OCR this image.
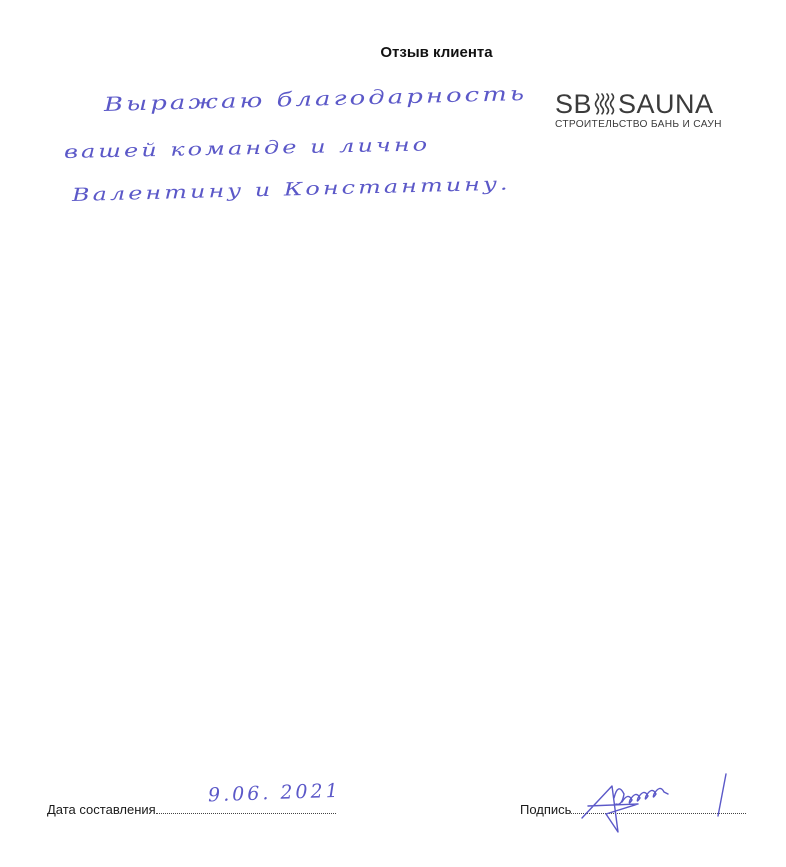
Отзыв клиента
SB SAUNA
СТРОИТЕЛЬСТВО БАНЬ И САУН
Выражаю благодарность
вашей команде и лично
Валентину и Константину.
Дата составления
9.06. 2021
Подпись
